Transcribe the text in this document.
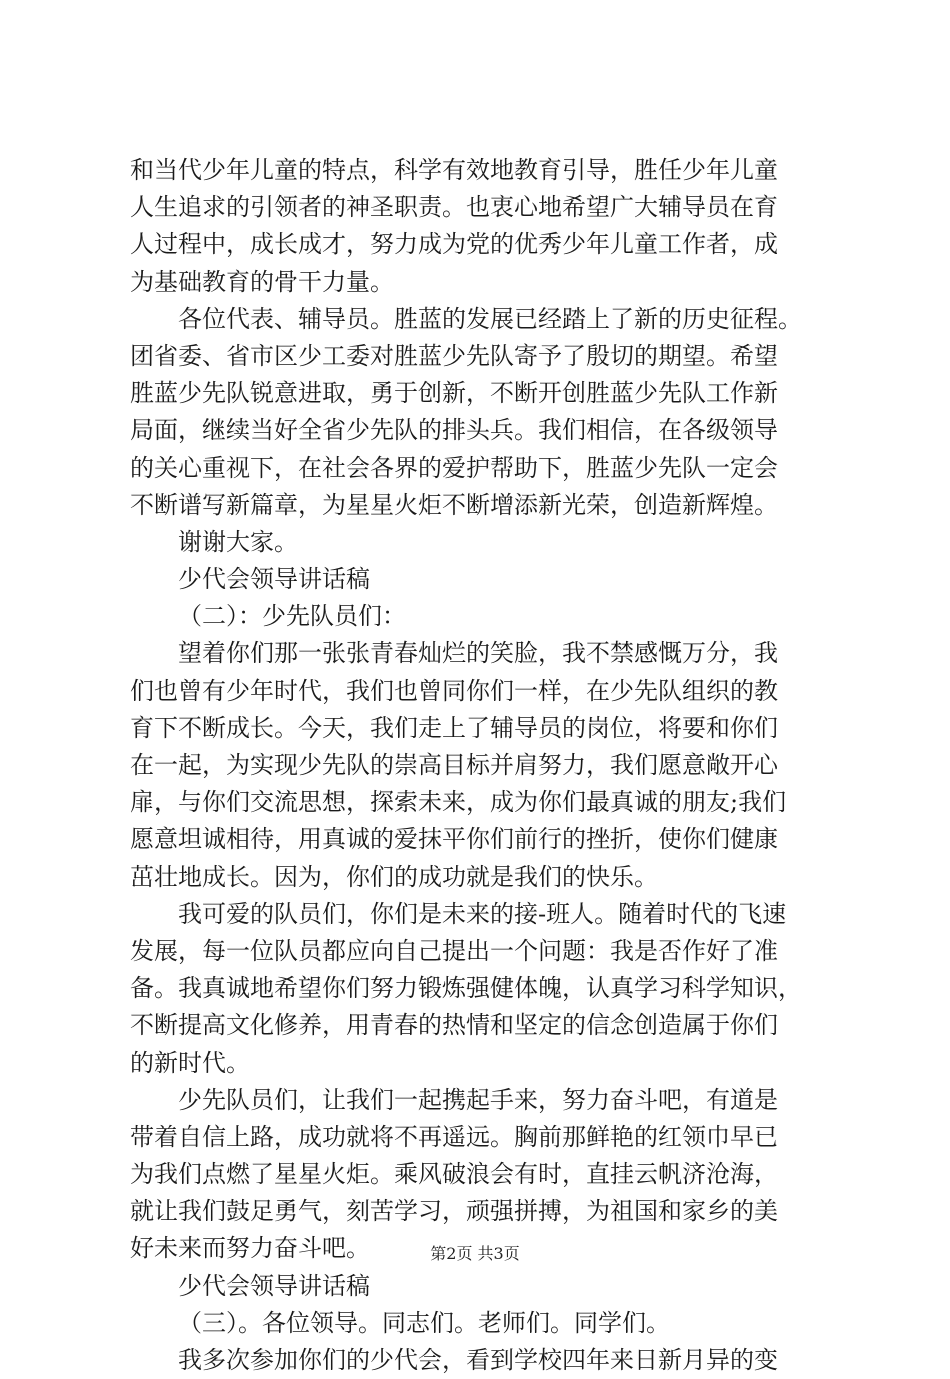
和当代少年儿童的特点，科学有效地教育引导，胜任少年儿童
人生追求的引领者的神圣职责。也衷心地希望广大辅导员在育
人过程中，成长成才，努力成为党的优秀少年儿童工作者，成
为基础教育的骨干力量。
各位代表、辅导员。胜蓝的发展已经踏上了新的历史征程。
团省委、省市区少工委对胜蓝少先队寄予了殷切的期望。希望
胜蓝少先队锐意进取，勇于创新，不断开创胜蓝少先队工作新
局面，继续当好全省少先队的排头兵。我们相信，在各级领导
的关心重视下，在社会各界的爱护帮助下，胜蓝少先队一定会
不断谱写新篇章，为星星火炬不断增添新光荣，创造新辉煌。
谢谢大家。
少代会领导讲话稿
（二）：少先队员们：
望着你们那一张张青春灿烂的笑脸，我不禁感慨万分，我
们也曾有少年时代，我们也曾同你们一样，在少先队组织的教
育下不断成长。今天，我们走上了辅导员的岗位，将要和你们
在一起，为实现少先队的崇高目标并肩努力，我们愿意敞开心
扉，与你们交流思想，探索未来，成为你们最真诚的朋友;我们
愿意坦诚相待，用真诚的爱抹平你们前行的挫折，使你们健康
茁壮地成长。因为，你们的成功就是我们的快乐。
我可爱的队员们，你们是未来的接-班人。随着时代的飞速
发展，每一位队员都应向自己提出一个问题：我是否作好了准
备。我真诚地希望你们努力锻炼强健体魄，认真学习科学知识，
不断提高文化修养，用青春的热情和坚定的信念创造属于你们
的新时代。
少先队员们，让我们一起携起手来，努力奋斗吧，有道是
带着自信上路，成功就将不再遥远。胸前那鲜艳的红领巾早已
为我们点燃了星星火炬。乘风破浪会有时，直挂云帆济沧海，
就让我们鼓足勇气，刻苦学习，顽强拼搏，为祖国和家乡的美
好未来而努力奋斗吧。
少代会领导讲话稿
（三）。各位领导。同志们。老师们。同学们。
我多次参加你们的少代会，看到学校四年来日新月异的变
第2页 共3页
